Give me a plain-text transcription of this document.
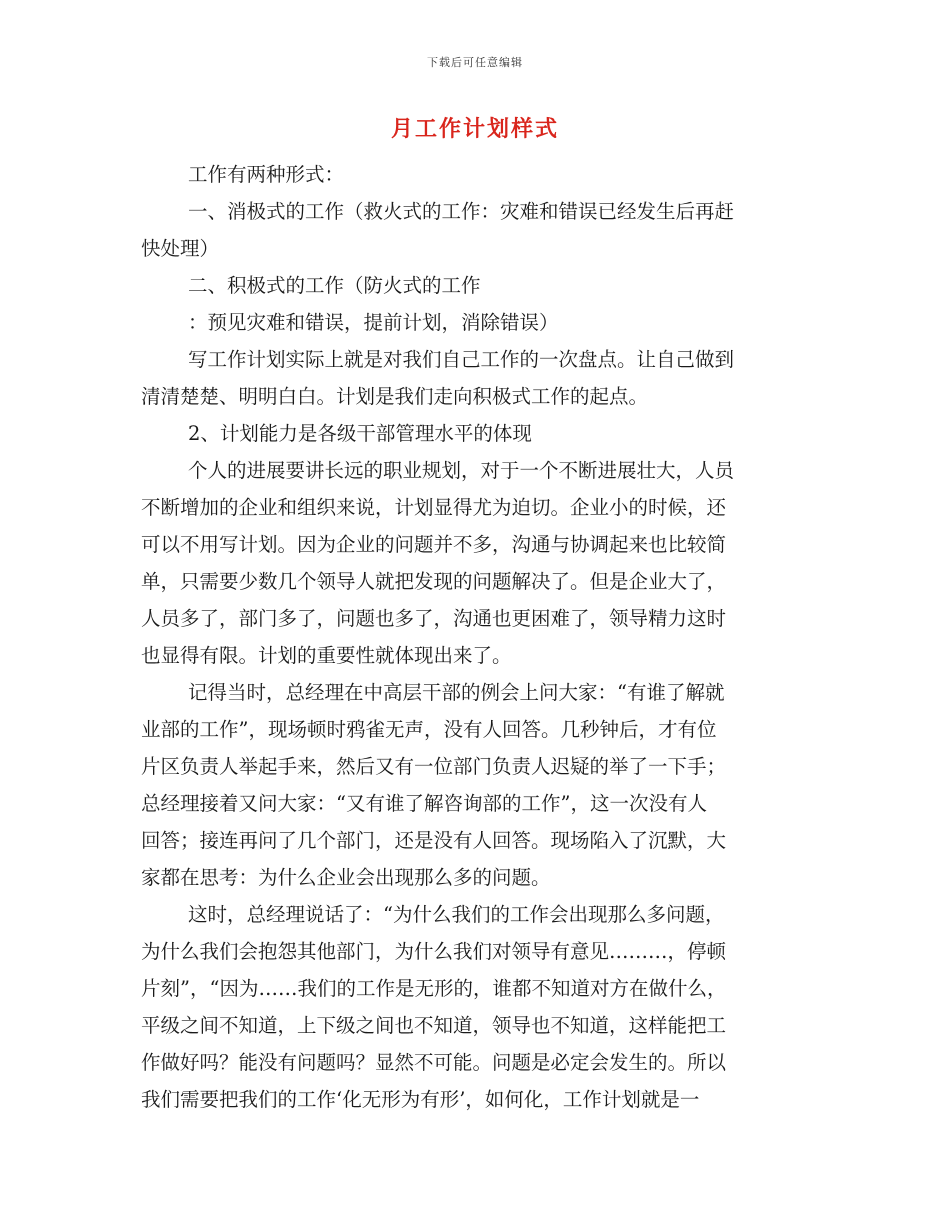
下载后可任意编辑
月工作计划样式
工作有两种形式：
一、消极式的工作（救火式的工作：灾难和错误已经发生后再赶
快处理）
二、积极式的工作（防火式的工作
：预见灾难和错误，提前计划，消除错误）
写工作计划实际上就是对我们自己工作的一次盘点。让自己做到
清清楚楚、明明白白。计划是我们走向积极式工作的起点。
2、计划能力是各级干部管理水平的体现
个人的进展要讲长远的职业规划，对于一个不断进展壮大，人员
不断增加的企业和组织来说，计划显得尤为迫切。企业小的时候，还
可以不用写计划。因为企业的问题并不多，沟通与协调起来也比较简
单，只需要少数几个领导人就把发现的问题解决了。但是企业大了，
人员多了，部门多了，问题也多了，沟通也更困难了，领导精力这时
也显得有限。计划的重要性就体现出来了。
记得当时，总经理在中高层干部的例会上问大家：“有谁了解就
业部的工作”，现场顿时鸦雀无声，没有人回答。几秒钟后，才有位
片区负责人举起手来，然后又有一位部门负责人迟疑的举了一下手；
总经理接着又问大家：“又有谁了解咨询部的工作”，这一次没有人
回答；接连再问了几个部门，还是没有人回答。现场陷入了沉默，大
家都在思考：为什么企业会出现那么多的问题。
这时，总经理说话了：“为什么我们的工作会出现那么多问题，
为什么我们会抱怨其他部门，为什么我们对领导有意见………，停顿
片刻”，“因为……我们的工作是无形的，谁都不知道对方在做什么，
平级之间不知道，上下级之间也不知道，领导也不知道，这样能把工
作做好吗？能没有问题吗？显然不可能。问题是必定会发生的。所以
我们需要把我们的工作‘化无形为有形’，如何化，工作计划就是一
